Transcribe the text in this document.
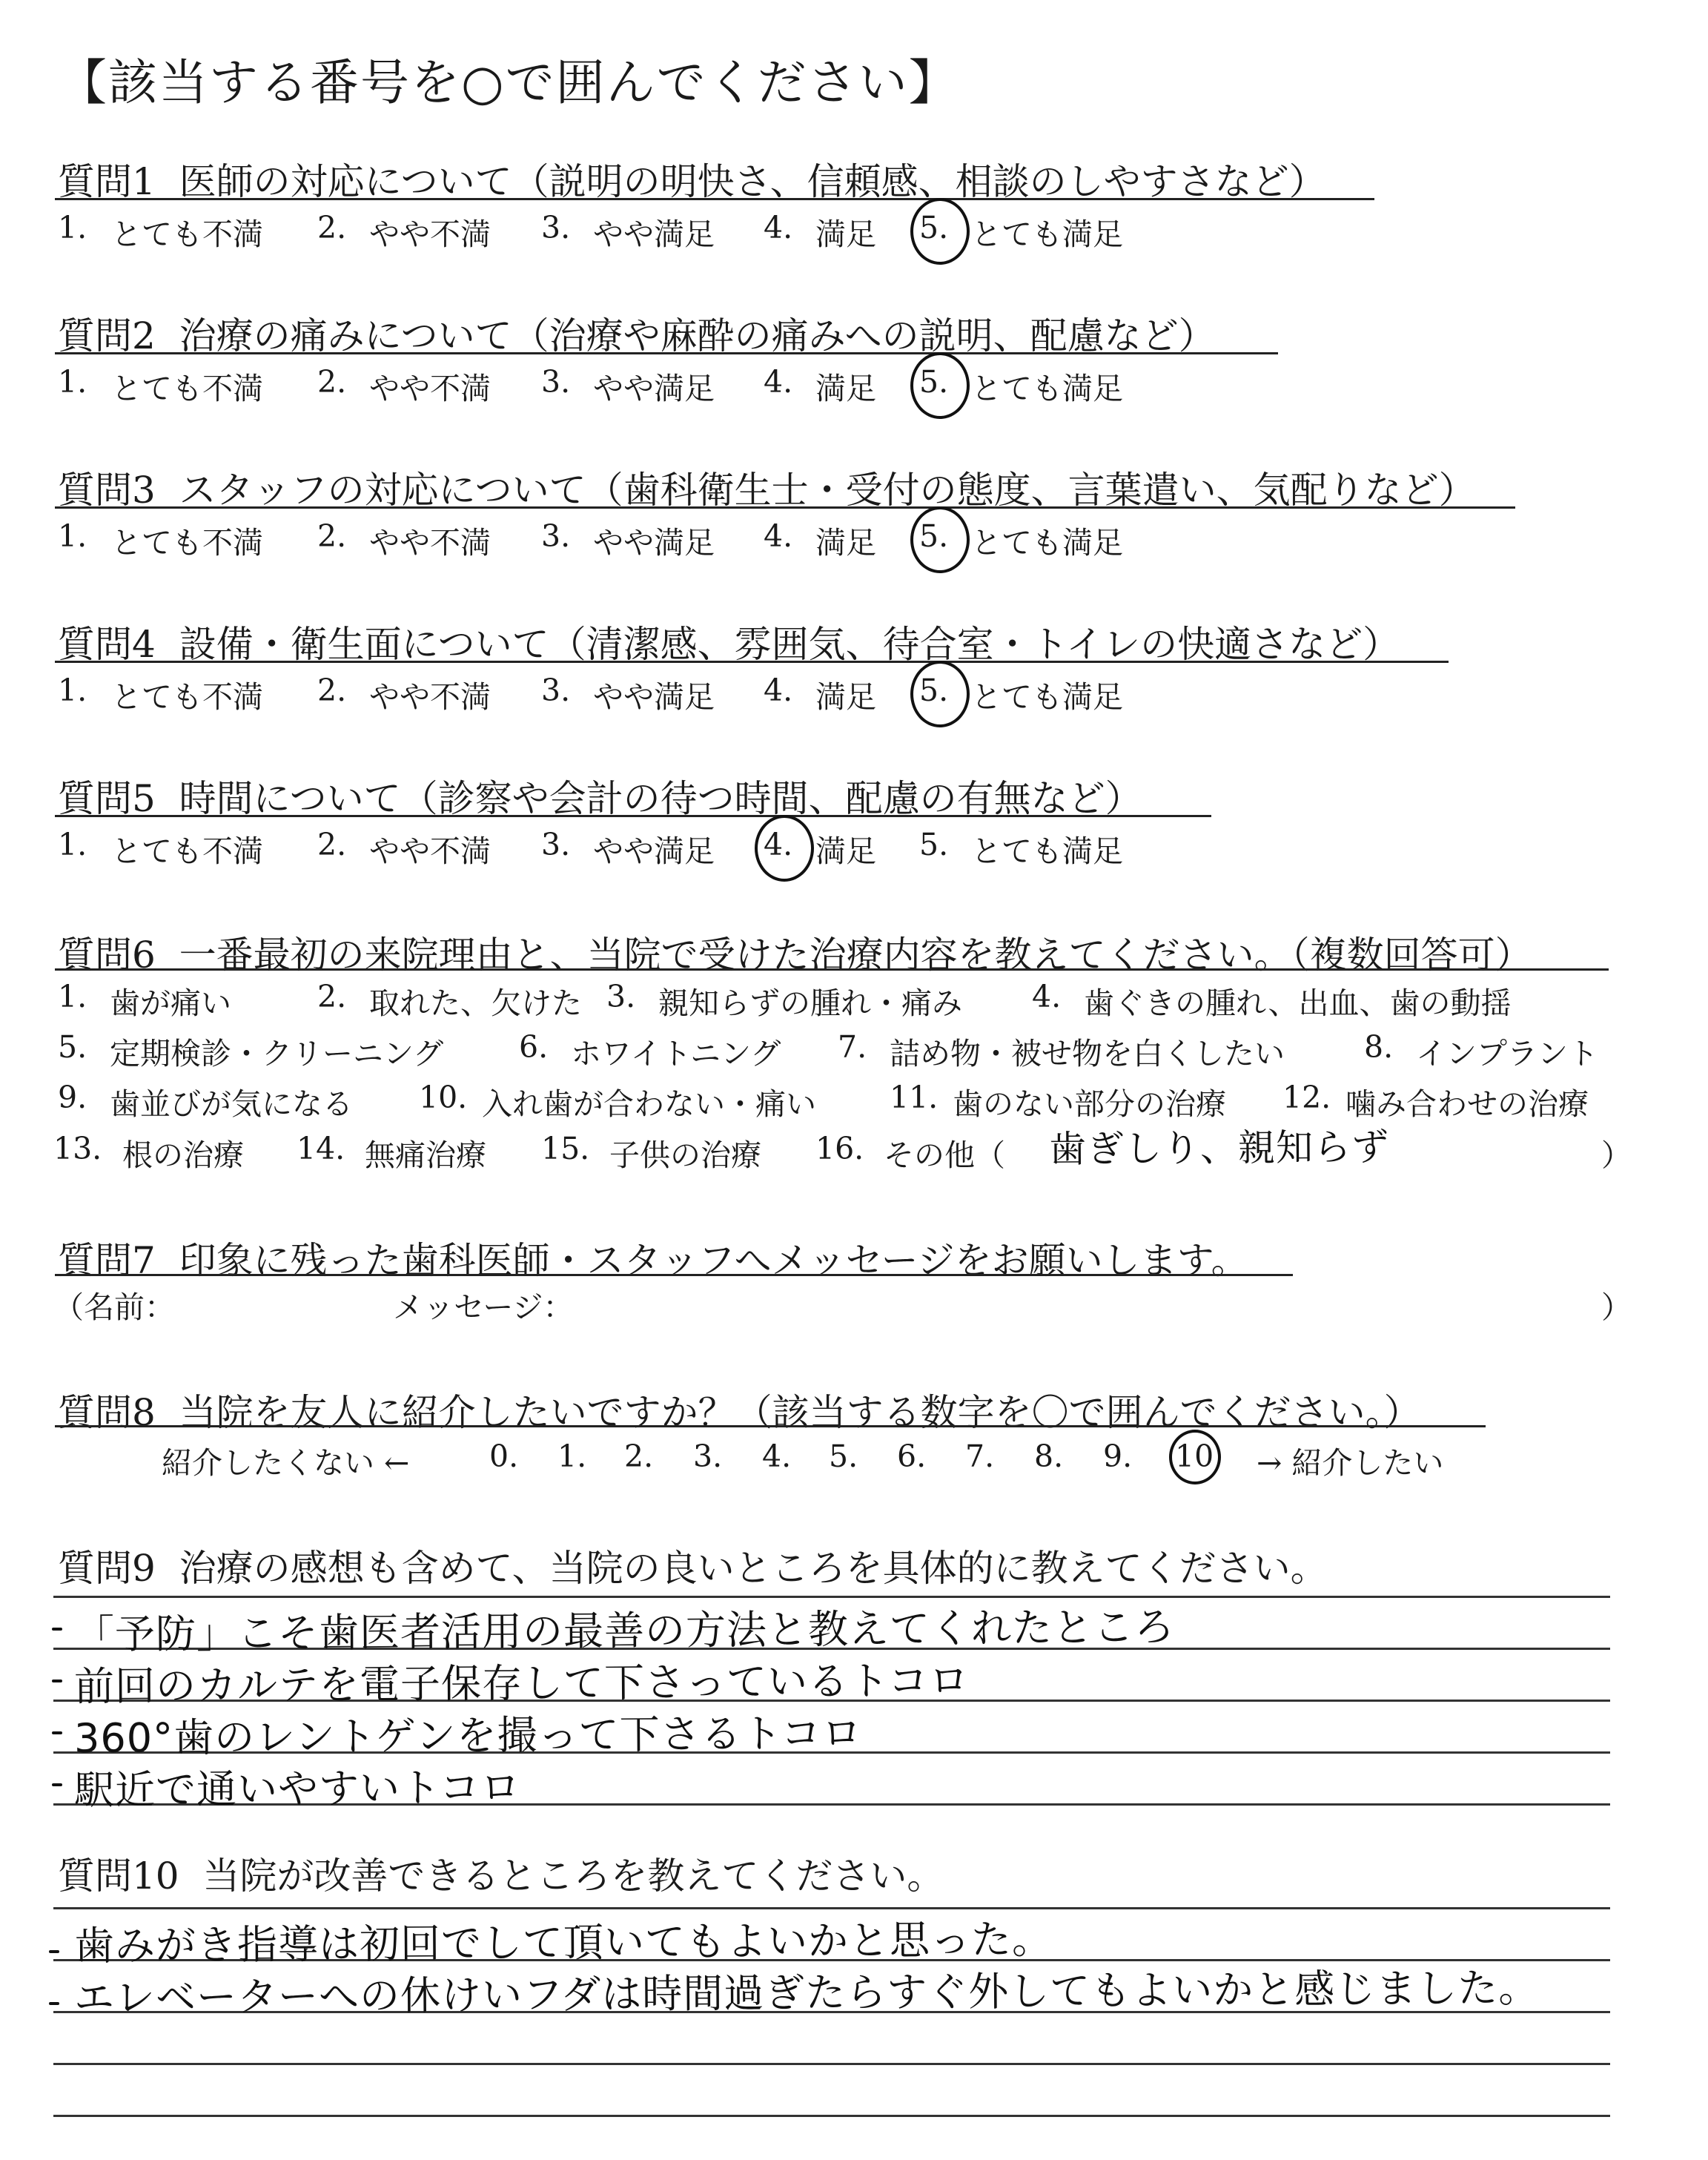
【該当する番号を○で囲んでください】
質問1 医師の対応について（説明の明快さ、信頼感、相談のしやすさなど）
1. とても不満 2. やや不満 3. やや満足 4. 満足 5. とても満足
質問2 治療の痛みについて（治療や麻酔の痛みへの説明、配慮など）
1. とても不満 2. やや不満 3. やや満足 4. 満足 5. とても満足
質問3 スタッフの対応について（歯科衛生士・受付の態度、言葉遣い、気配りなど）
1. とても不満 2. やや不満 3. やや満足 4. 満足 5. とても満足
質問4 設備・衛生面について（清潔感、雰囲気、待合室・トイレの快適さなど）
1. とても不満 2. やや不満 3. やや満足 4. 満足 5. とても満足
質問5 時間について（診察や会計の待つ時間、配慮の有無など）
1. とても不満 2. やや不満 3. やや満足 4. 満足 5. とても満足
質問6 一番最初の来院理由と、当院で受けた治療内容を教えてください。（複数回答可）
1. 歯が痛い	2. 取れた、欠けた 3. 親知らずの腫れ・痛み 4. 歯ぐきの腫れ、出血、歯の動揺
5. 定期検診・クリーニング 6. ホワイトニング 7. 詰め物・被せ物を白くしたい	8. インプラント
9. 歯並びが気になる 10. 入れ歯が合わない・痛い 11. 歯のない部分の治療 12. 噛み合わせの治療
13. 根の治療 14. 無痛治療 15. 子供の治療 16. その他（ 歯ぎしり、親知らず	）
質問7 印象に残った歯科医師・スタッフへメッセージをお願いします。
（名前：	メッセージ：	）
質問8 当院を友人に紹介したいですか？（該当する数字を〇で囲んでください。）
紹介したくない ←	0. 1. 2. 3. 4. 5. 6. 7. 8. 9. 10 → 紹介したい
質問9 治療の感想も含めて、当院の良いところを具体的に教えてください。
「予防」こそ歯医者活用の最善の方法と教えてくれたところ
前回のカルテを電子保存して下さっているトコロ
360°歯のレントゲンを撮って下さるトコロ
駅近で通いやすいトコロ
質問10 当院が改善できるところを教えてください。
歯みがき指導は初回でして頂いてもよいかと思った。
エレベーターへの休けいフダは時間過ぎたらすぐ外してもよいかと感じました。
